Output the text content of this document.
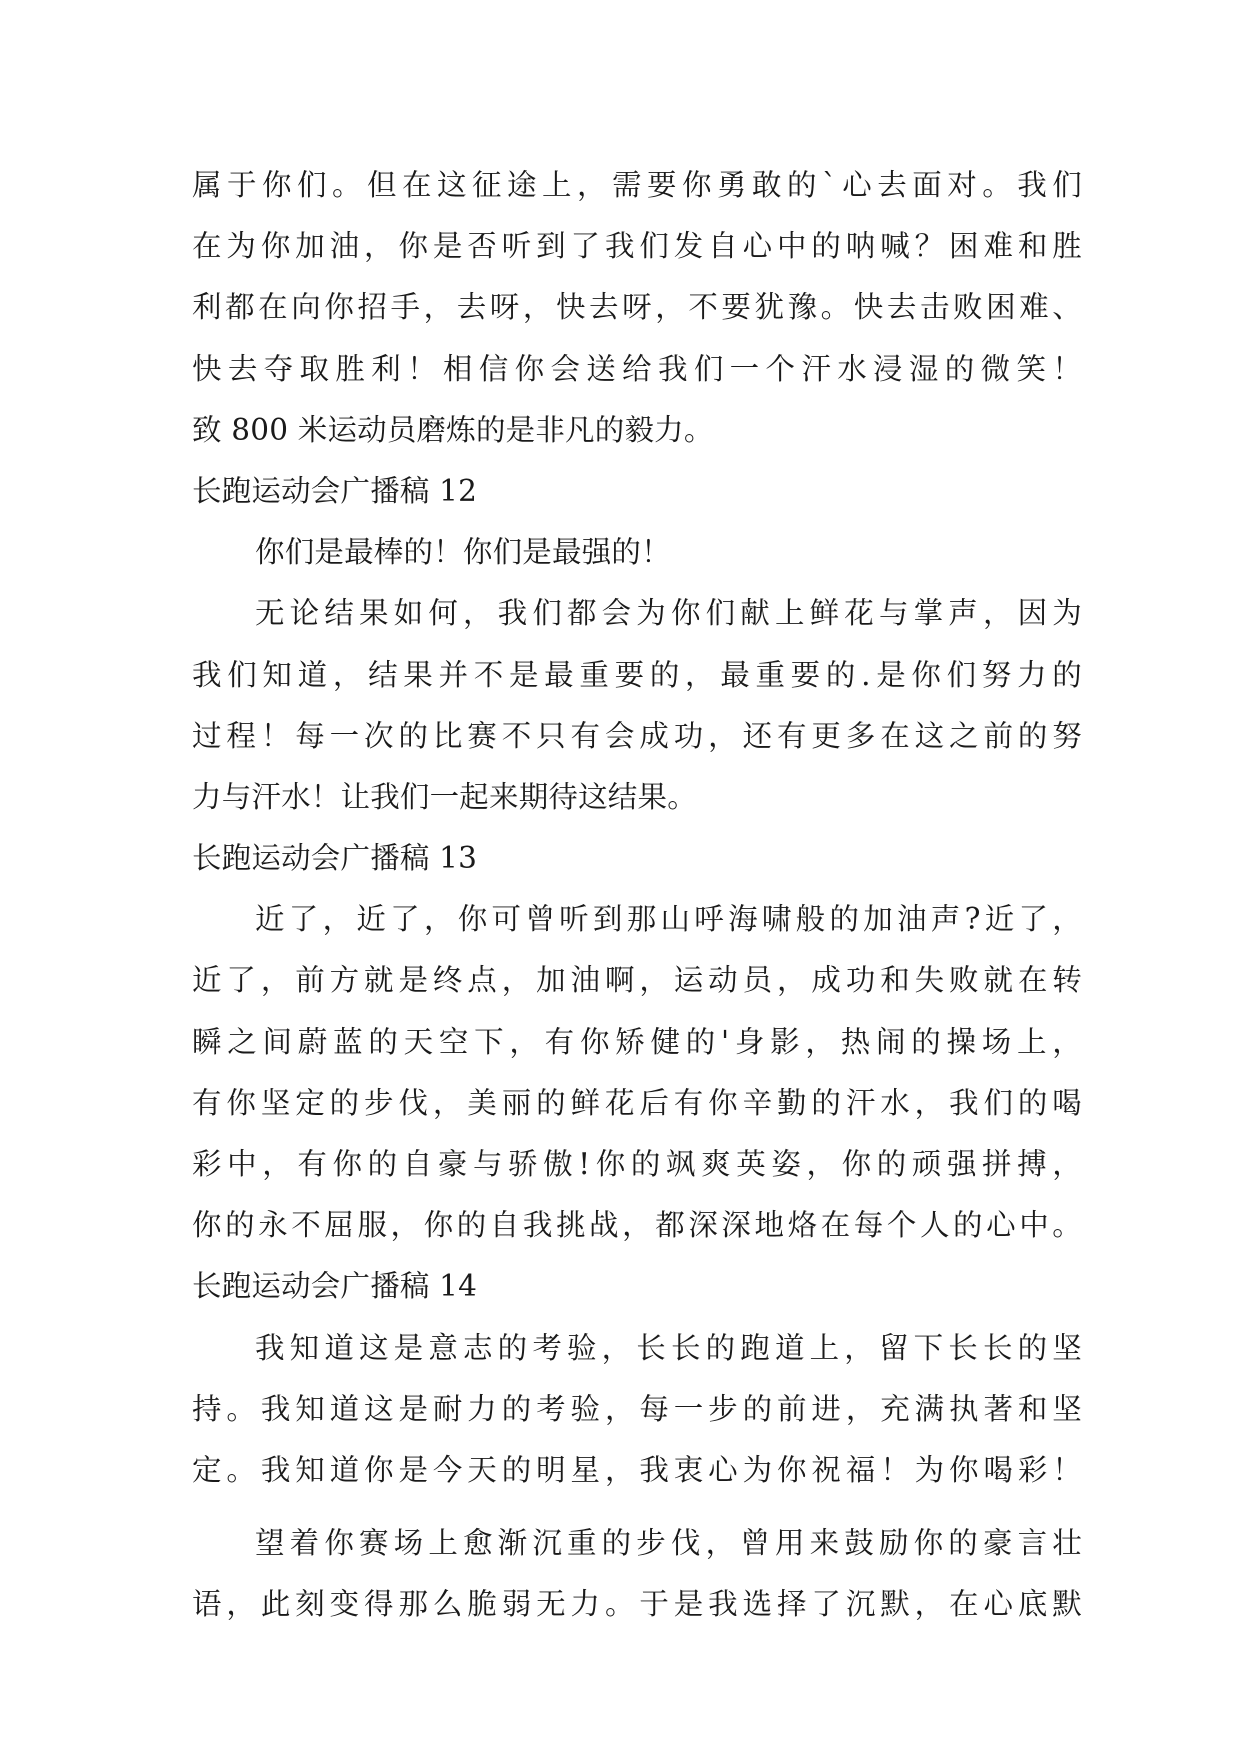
属于你们。但在这征途上，需要你勇敢的`心去面对。我们
在为你加油，你是否听到了我们发自心中的呐喊？困难和胜
利都在向你招手，去呀，快去呀，不要犹豫。快去击败困难、
快去夺取胜利！相信你会送给我们一个汗水浸湿的微笑！
致 800 米运动员磨炼的是非凡的毅力。
长跑运动会广播稿 12
你们是最棒的！你们是最强的！
无论结果如何，我们都会为你们献上鲜花与掌声，因为
我们知道，结果并不是最重要的，最重要的.是你们努力的
过程！每一次的比赛不只有会成功，还有更多在这之前的努
力与汗水！让我们一起来期待这结果。
长跑运动会广播稿 13
近了，近了，你可曾听到那山呼海啸般的加油声?近了，
近了，前方就是终点，加油啊，运动员，成功和失败就在转
瞬之间蔚蓝的天空下，有你矫健的'身影，热闹的操场上，
有你坚定的步伐，美丽的鲜花后有你辛勤的汗水，我们的喝
彩中，有你的自豪与骄傲!你的飒爽英姿，你的顽强拼搏，
你的永不屈服，你的自我挑战，都深深地烙在每个人的心中。
长跑运动会广播稿 14
我知道这是意志的考验，长长的跑道上，留下长长的坚
持。我知道这是耐力的考验，每一步的前进，充满执著和坚
定。我知道你是今天的明星，我衷心为你祝福！为你喝彩！
望着你赛场上愈渐沉重的步伐，曾用来鼓励你的豪言壮
语，此刻变得那么脆弱无力。于是我选择了沉默，在心底默
